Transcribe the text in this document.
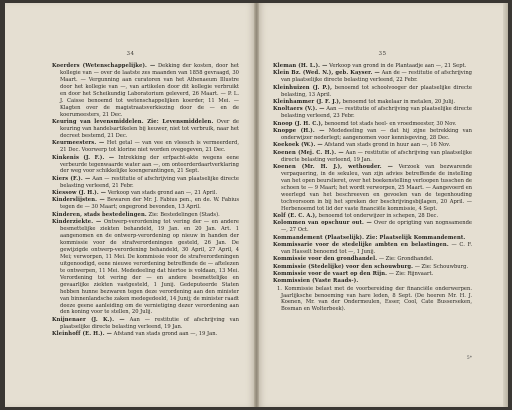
34
Koerders (Wetenschappelijke). — Dekking der kosten, door het kollegie van — over de laatste zes maanden van 1858 gevraagd, 30 Maart. — Vergunning aan curatoren van het Athenaeum Illustre door het kollegie van —, van artikelen door dit kollegie verbruikt en door het Scheikundig Laboratorium geleverd, 26 Maart. — P. L. J. Caisse benoemd tot wetenschappelijken koerder, 11 Mei. — Klagten over de magistraatsverkiezing door de — en de koerumeesters, 21 Dec.
Keuring van levensmiddelen. Zie: Levensmiddelen. Over de keuring van handelsartikelen bij keuwer, niet tot verbruik, naar het decreet bestemd, 21 Dec.
Keurmeesters. — Het getal — van vee en vleesch is vermeerderd, 21 Dec. Voorwerp tot klorine niet worden ovegegeven, 21 Dec.
Kinkenis (J. F.). — Intrekking der erfpacht-akte wegens eene verbeurde tegenwaarde water aan —, om onteerderdaartverklaring der weg voor schikkelijke koengerantingen, 21 Sept.
Kiers (F.). — Aan — restitutie of afschrijving van plaatselijke directe belasting verleend, 21 Febr.
Kiessow (J. H.). — Verkoop van stads grond aan —, 21 April.
Kinderslijsten. — Bewaren der Mr. J. Fabius pen., en de. W. Fabius tegen de — 30 Maart; ongegrond bevonden, 13 April.
Kinderen, stads bestedelingen. Zie: Bestedelingen (Stads).
Kinderziekte. — Ontwerp-verordening tot vering der — en andere besmettelijke ziekten behandeld, 19 Jan. en 20 Jan. Art. 1 aangenomen en de ontwerp-verordening op nieuw in handen der kommissie voor de strafverordeningen gesteld, 26 Jan. De gewijzigde ontwerp-verordening behandeld, 30 April, 27 April, 4 Mei; verworpen, 11 Mei. De kommissie voor de strafverordeningen uitgenoodigd, eene nieuwe verordening betreffende de — aftelezen te ontwerpen, 11 Mei. Mededeeling dat hiertoe is voldaan, 13 Mei. Verordening tot vering der — en andere besmettelijke en gevaarlijke ziekten vastgesteld, 1 Junij. Gedeputeerde Staten hebben hunne bezwaren tegen deze verordening aan den minister van binnenlandsche zaken medegedeeld, 14 Junij; de minister raadt deeze geene aanleiding om de vernietiging dezer verordening aan den koning voor te stellen, 20 Julij.
Knijnenaer (J. K.). — Aan — restitutie of afschrijving van plaatselijke directe belasting verleend, 19 Jan.
Kleinhoff (E. H.). — Afstand van stads grond aan —, 19 Jan.
35
Kleman (H. L.). — Verkoop van grond in de Plantaadje aan —, 21 Sept.
Klein Bz. (Wed. N.), geb. Kayser. — Aan de — restitutie of afschrijving van plaatselijke directe belasting verleend, 22 Febr.
Kleinhuizen (J. P.), benoemd tot schoolvooger der plaatselijke directe belasting, 13 April.
Kleinhammer (J. F. J.), benoemd tot makelaar in metalen, 20 Julij.
Knoltaers (V.). — Aan — restitutie of afschrijving van plaatselijke directe belasting verleend, 23 Febr.
Knoop (J. H. C.), benoemd tot stads heel- en vroedmeester, 30 Nov.
Knoppe (H.). — Mededeeling van — dat hij zijne betrekking van onderwijzer nederlegt; aangenomen voor kennisgeving, 28 Dec.
Koekoek (W.). — Afstand van stads grond in huur aan —, 16 Nov.
Koenen (Mej. C. H.). — Aan — restitutie of afschrijving van plaatselijke directe belasting verleend, 19 Jan.
Koenen (Mr. H. J.), wethouder. — Verzoek van bezwarende verpaquering, in de sekuleu, van zijn advies betreffende de instelling van het open beurslieret, over het boekenstelling verloopen tusschen de schoen te — 9 Maart; het wordt verworpen, 25 Maart. — Aangevoerd en weerlegd van het beschreeven en gevoelen van de tegenhouding tochvorsoom in bij het spreken der beschrijvingsbijlagen, 20 April. — Herbenoemd tot lid der vaste financiële kommissie, 4 Sept.
Kolf (E. C. A.), benoemd tot onderwijzer in schepen, 28 Dec.
Kolommen van opschuur out. — Over de oprigting van nognsamende —, 27 Oct.
Kommandement (Plaatselijk). Zie: Plaatselijk Kommandement.
Kommissarie voor de stedelijke ambten en belastingen. — C. F. van Hasselt benoemd tot —, 1 Junij.
Kommissie voor den grondhandel. — Zie: Grondhandel.
Kommissie (Stedelijke) voor den schouwburg. — Zie: Schouwburg.
Kommissie voor de vaart op den Rijn. — Zie: Rijnvaart.
Kommissien (Vaste Raads-).
1. Kommissie belast met de voorbereiding der financiële onderwerpen. Jaarlijksche benoeming van hare leden, 8 Sept. (De heeren Mr. H. J. Koenen, Mr. van der Ondermeulen, Esser, Cool, Cate Busserseken, Bosman en Wolterbeek).
5*
